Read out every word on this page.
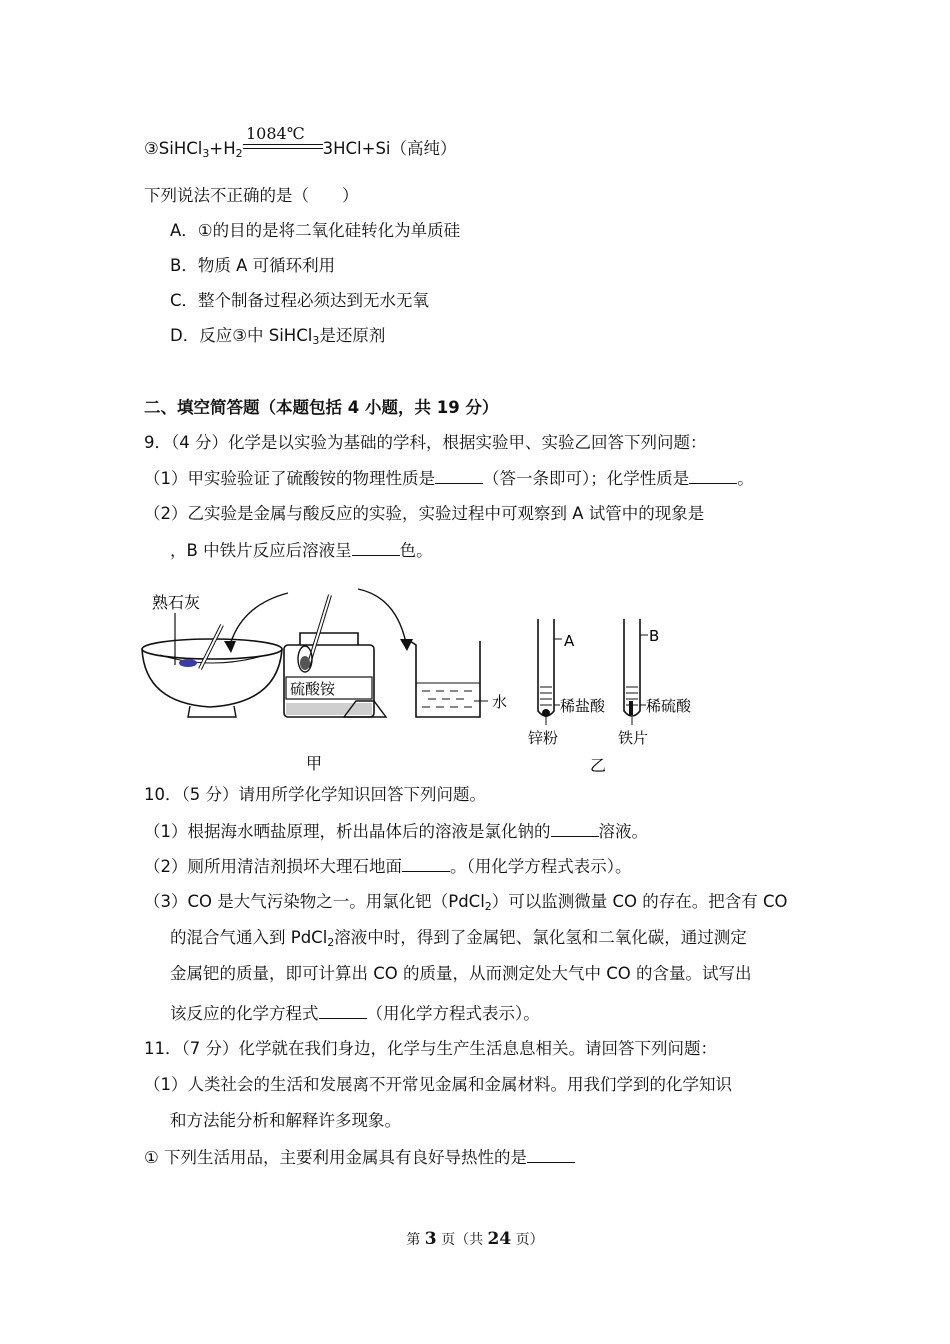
$③SiHCl_3+H_2$	3HCl+Si（高纯）
1084℃
下列说法不正确的是（　　）
A．①的目的是将二氧化硅转化为单质硅
B．物质 A 可循环利用
C．整个制备过程必须达到无水无氧
D．反应③中 SiHCl$_3$是还原剂
二、填空简答题（本题包括 4 小题，共 19 分）
9．（4 分）化学是以实验为基础的学科，根据实验甲、实验乙回答下列问题：
（1）甲实验验证了硫酸铵的物理性质是	（答一条即可）；化学性质是	。
（2）乙实验是金属与酸反应的实验，实验过程中可观察到 A 试管中的现象是
，B 中铁片反应后溶液呈	色。
熟石灰
硫酸铵
水
A
稀盐酸
锌粉
B
稀硫酸
铁片
甲	乙
10．（5 分）请用所学化学知识回答下列问题。
（1）根据海水晒盐原理，析出晶体后的溶液是氯化钠的	溶液。
（2）厕所用清洁剂损坏大理石地面	。（用化学方程式表示）。
（3）CO 是大气污染物之一。用氯化钯（PdCl$_2$）可以监测微量 CO 的存在。把含有 CO
的混合气通入到 PdCl$_2$溶液中时，得到了金属钯、氯化氢和二氧化碳，通过测定
金属钯的质量，即可计算出 CO 的质量，从而测定处大气中 CO 的含量。试写出
该反应的化学方程式	（用化学方程式表示）。
11．（7 分）化学就在我们身边，化学与生产生活息息相关。请回答下列问题：
（1）人类社会的生活和发展离不开常见金属和金属材料。用我们学到的化学知识
和方法能分析和解释许多现象。
① 下列生活用品，主要利用金属具有良好导热性的是
第 3 页（共 24 页）
